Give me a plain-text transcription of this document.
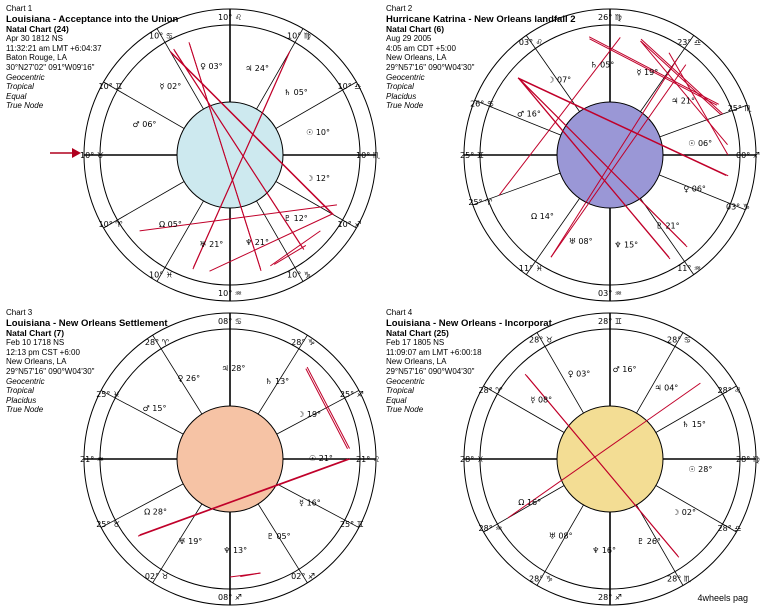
Chart 1
Louisiana - Acceptance into the Union
Natal Chart (24)
Apr 30 1812 NS
11:32:21 am LMT +6:04:37
Baton Rouge, LA
30°N27'02" 091°W09'16"
Geocentric
Tropical
Equal
True Node
10° ♉
10° ♊
10° ♋
10° ♌
10° ♍
10° ♎
10° ♏
10° ♐
10° ♑
10° ♒
10° ♓
10° ♈
♂ 06°
☿ 02°
♀ 03°	♃ 24°
♄ 05°
☉ 10°
☽ 12°
♇ 12°
♆ 21°
♅ 21°
Ω 05°
Chart 2
Hurricane Katrina - New Orleans landfall 2
Natal Chart (6)
Aug 29 2005
4:05 am CDT +5:00
New Orleans, LA
29°N57'16" 090°W04'30"
Geocentric
Tropical
Placidus
True Node
25° ♊
26° ♋
03° ♌
26° ♍
23° ♎
25° ♏
00° ♐
03° ♑
11° ♒
03° ♒
11° ♓
25° ♈
♂ 16°
☽ 07°
♄ 05°
☿ 19°
♃ 21°
☉ 06°
♀ 06°
♇ 21°
♆ 15°
♅ 08°
Ω 14°
Chart 3
Louisiana - New Orleans Settlement
Natal Chart (7)
Feb 10 1718 NS
12:13 pm CST +6:00
New Orleans, LA
29°N57'16" 090°W04'30"
Geocentric
Tropical
Placidus
True Node
21° ♒
25° ♓
28° ♈
08° ♋
28° ♑
25° ♐
21° ♌
25° ♊
02° ♐
08° ♐
02° ♉
25° ♉
♂ 15°
♀ 26°
♃ 28°
♄ 13°
☽ 19°
☉ 21°
☿ 16°
♇ 05°
♆ 13°
♅ 19°
Ω 28°
Chart 4
Louisiana - New Orleans - Incorporat
Natal Chart (25)
Feb 17 1805 NS
11:09:07 am LMT +6:00:18
New Orleans, LA
29°N57'16" 090°W04'30"
Geocentric
Tropical
Equal
True Node
28° ♓
28° ♈
28° ♉
28° ♊
28° ♋
28° ♌
28° ♍
28° ♎
28° ♏
28° ♐
28° ♑
28° ♒
☿ 08°
♀ 03°	♂ 16°
♃ 04°
♄ 15°
☉ 28°
☽ 02°
♇ 26°
♆ 16°
♅ 08°
Ω 16°
4wheels pag
